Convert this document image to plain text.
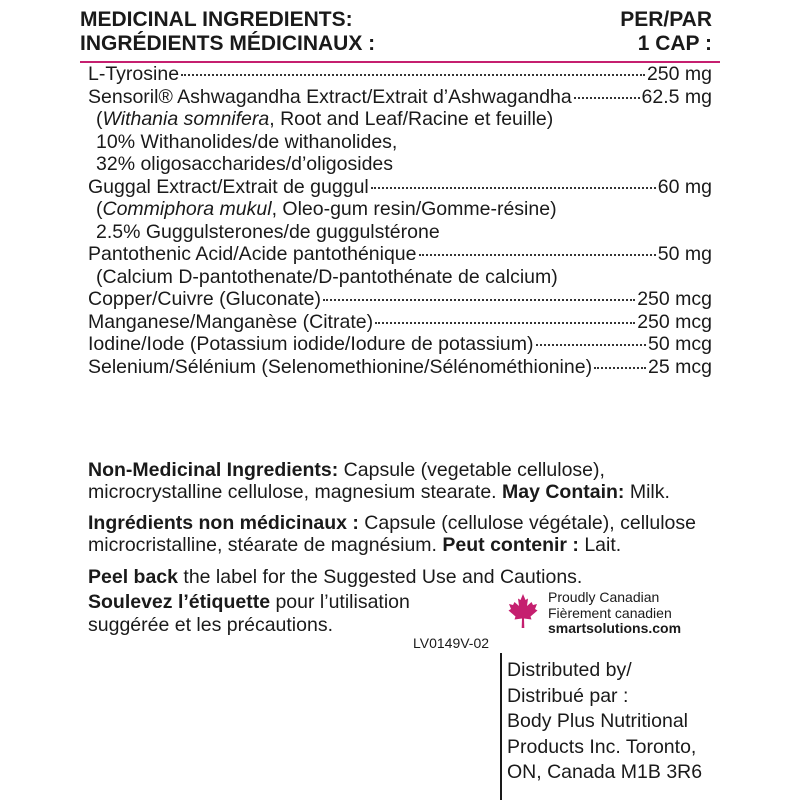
MEDICINAL INGREDIENTS:
INGRÉDIENTS MÉDICINAUX :
PER/PAR
1 CAP :
L-Tyrosine	250 mg
Sensoril® Ashwagandha Extract/Extrait d’Ashwagandha	62.5 mg
(Withania somnifera, Root and Leaf/Racine et feuille)
10% Withanolides/de withanolides,
32% oligosaccharides/d’oligosides
Guggal Extract/Extrait de guggul	60 mg
(Commiphora mukul, Oleo-gum resin/Gomme-résine)
2.5% Guggulsterones/de guggulstérone
Pantothenic Acid/Acide pantothénique	50 mg
(Calcium D-pantothenate/D-pantothénate de calcium)
Copper/Cuivre (Gluconate)	250 mcg
Manganese/Manganèse (Citrate)	250 mcg
Iodine/Iode (Potassium iodide/Iodure de potassium)	50 mcg
Selenium/Sélénium (Selenomethionine/Sélénométhionine)	25 mcg
Non-Medicinal Ingredients: Capsule (vegetable cellulose),
microcrystalline cellulose, magnesium stearate. May Contain: Milk.
Ingrédients non médicinaux : Capsule (cellulose végétale), cellulose
microcristalline, stéarate de magnésium. Peut contenir : Lait.
Peel back the label for the Suggested Use and Cautions.
Soulevez l’étiquette pour l’utilisation
suggérée et les précautions.
Proudly Canadian
Fièrement canadien
smartsolutions.com
LV0149V-02
Distributed by/
Distribué par :
Body Plus Nutritional
Products Inc. Toronto,
ON, Canada M1B 3R6
